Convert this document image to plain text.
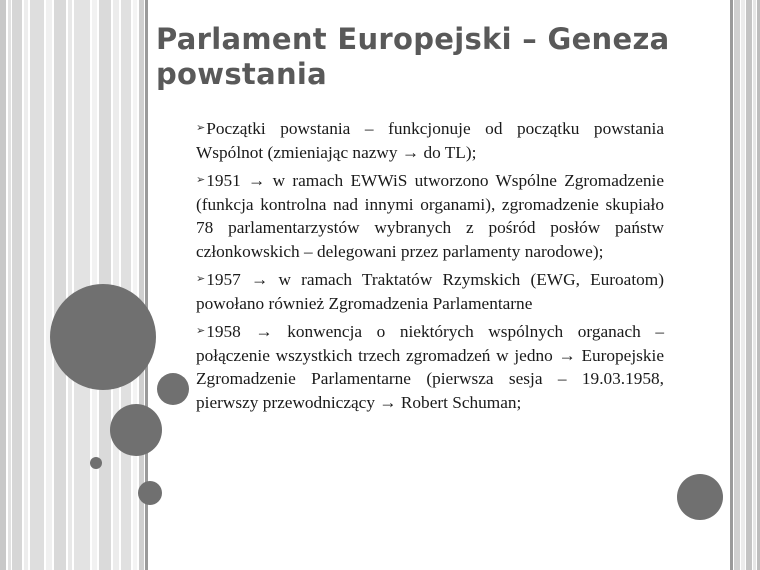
Parlament Europejski – Geneza powstania

➢Początki powstania – funkcjonuje od początku powstania Wspólnot (zmieniając nazwy → do TL);

➢1951 → w ramach EWWiS utworzono Wspólne Zgromadzenie (funkcja kontrolna nad innymi organami), zgromadzenie skupiało 78 parlamentarzystów wybranych z pośród posłów państw członkowskich – delegowani przez parlamenty narodowe);

➢1957 → w ramach Traktatów Rzymskich (EWG, Euroatom) powołano również Zgromadzenia Parlamentarne

➢1958 → konwencja o niektórych wspólnych organach – połączenie wszystkich trzech zgromadzeń w jedno → Europejskie Zgromadzenie Parlamentarne (pierwsza sesja – 19.03.1958, pierwszy przewodniczący → Robert Schuman;
